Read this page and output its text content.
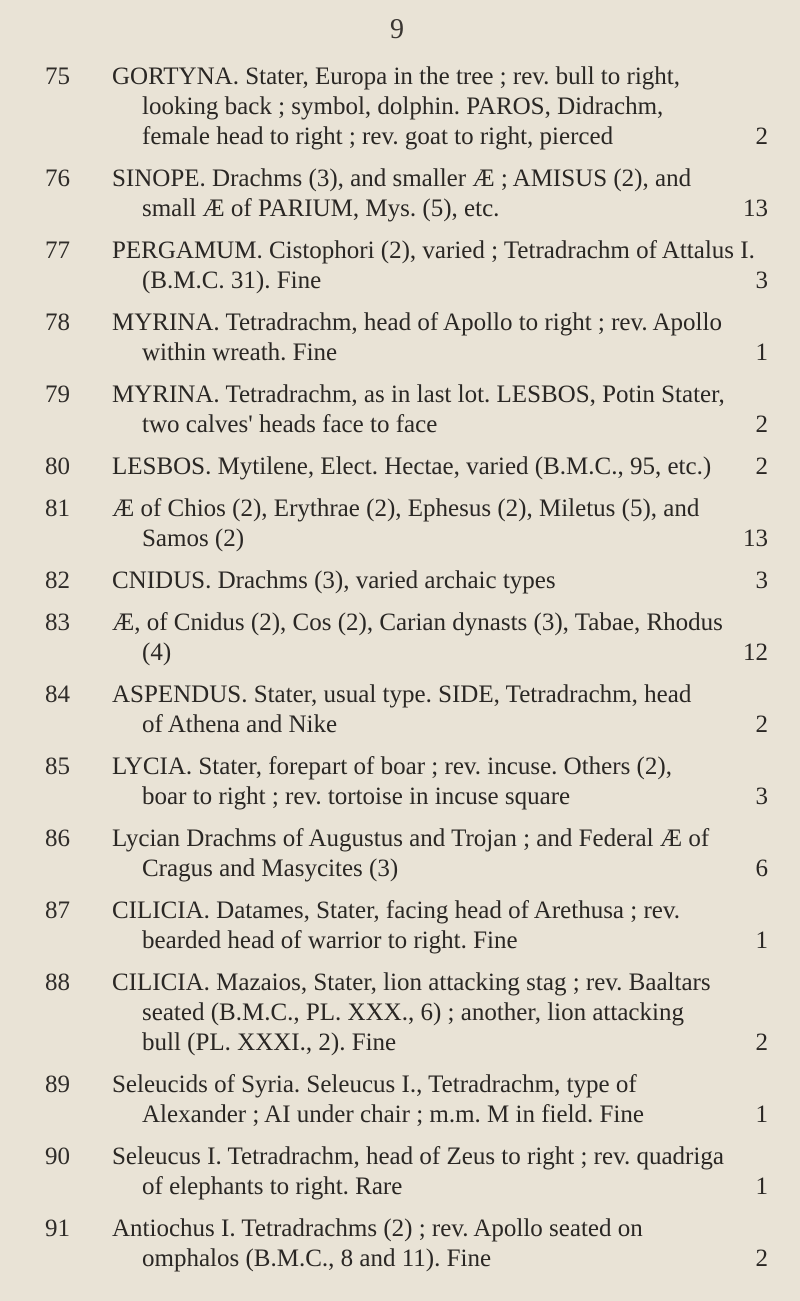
9
75	GORTYNA. Stater, Europa in the tree ; rev. bull to right,
looking back ; symbol, dolphin. PAROS, Didrachm,
female head to right ; rev. goat to right, pierced	2
76	SINOPE. Drachms (3), and smaller Æ ; AMISUS (2), and
small Æ of PARIUM, Mys. (5), etc.	13
77	PERGAMUM. Cistophori (2), varied ; Tetradrachm of Attalus I.
(B.M.C. 31). Fine	3
78	MYRINA. Tetradrachm, head of Apollo to right ; rev. Apollo
within wreath. Fine	1
79	MYRINA. Tetradrachm, as in last lot. LESBOS, Potin Stater,
two calves' heads face to face	2
80	LESBOS. Mytilene, Elect. Hectae, varied (B.M.C., 95, etc.)	2
81	Æ of Chios (2), Erythrae (2), Ephesus (2), Miletus (5), and
Samos (2)	13
82	CNIDUS. Drachms (3), varied archaic types	3
83	Æ, of Cnidus (2), Cos (2), Carian dynasts (3), Tabae, Rhodus
(4)	12
84	ASPENDUS. Stater, usual type. SIDE, Tetradrachm, head
of Athena and Nike	2
85	LYCIA. Stater, forepart of boar ; rev. incuse. Others (2),
boar to right ; rev. tortoise in incuse square	3
86	Lycian Drachms of Augustus and Trojan ; and Federal Æ of
Cragus and Masycites (3)	6
87	CILICIA. Datames, Stater, facing head of Arethusa ; rev.
bearded head of warrior to right. Fine	1
88	CILICIA. Mazaios, Stater, lion attacking stag ; rev. Baaltars
seated (B.M.C., PL. XXX., 6) ; another, lion attacking
bull (PL. XXXI., 2). Fine	2
89	Seleucids of Syria. Seleucus I., Tetradrachm, type of
Alexander ; AI under chair ; m.m. M in field. Fine	1
90	Seleucus I. Tetradrachm, head of Zeus to right ; rev. quadriga
of elephants to right. Rare	1
91	Antiochus I. Tetradrachms (2) ; rev. Apollo seated on
omphalos (B.M.C., 8 and 11). Fine	2
